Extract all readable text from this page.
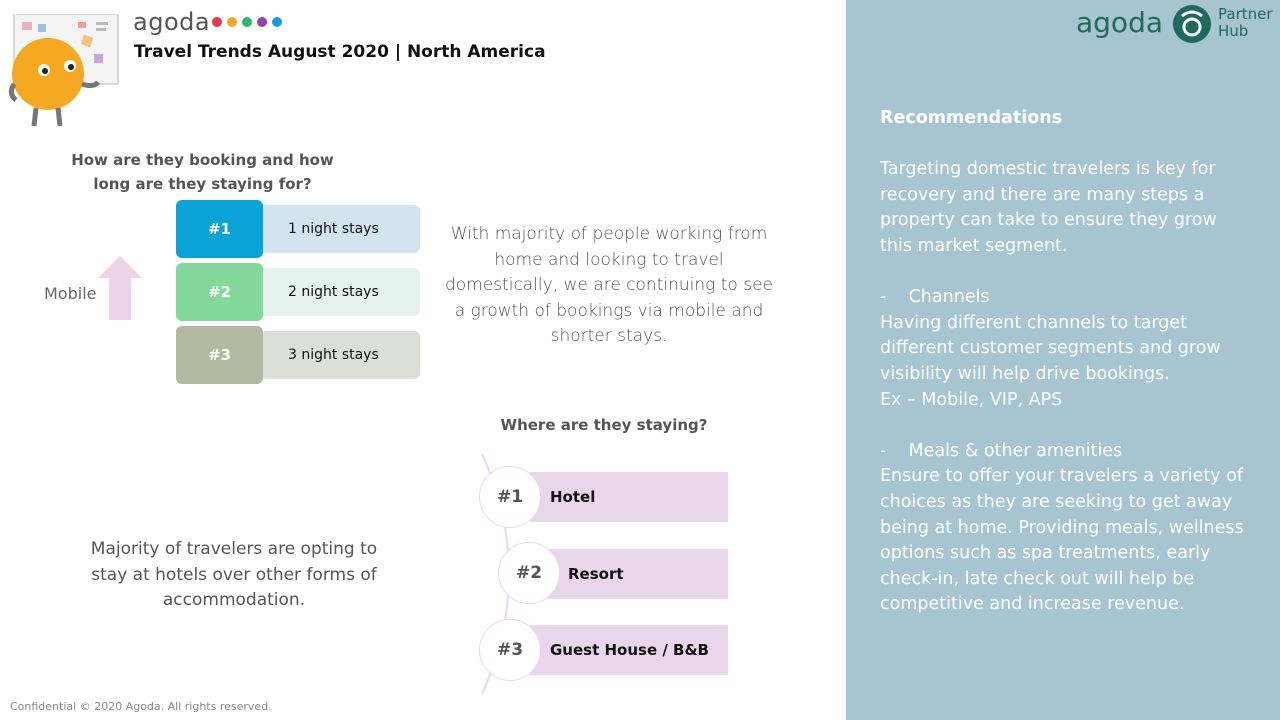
agoda
Travel Trends August 2020 | North America
How are they booking and how long are they staying for?
Mobile
1 night stays
#1
2 night stays
#2
3 night stays
#3
With majority of people working from home and looking to travel domestically, we are continuing to see a growth of bookings via mobile and shorter stays.
Where are they staying?
Hotel
#1
Resort
#2
Guest House / B&B
#3
Majority of travelers are opting to stay at hotels over other forms of accommodation.
Confidential © 2020 Agoda. All rights reserved.
agoda	Partner
Hub

Recommendations

Targeting domestic travelers is key for recovery and there are many steps a property can take to ensure they grow this market segment.

-    Channels

Having different channels to target different customer segments and grow visibility will help drive bookings.

Ex – Mobile, VIP, APS

-    Meals & other amenities

Ensure to offer your travelers a variety of choices as they are seeking to get away being at home. Providing meals, wellness options such as spa treatments, early check-in, late check out will help be competitive and increase revenue.
